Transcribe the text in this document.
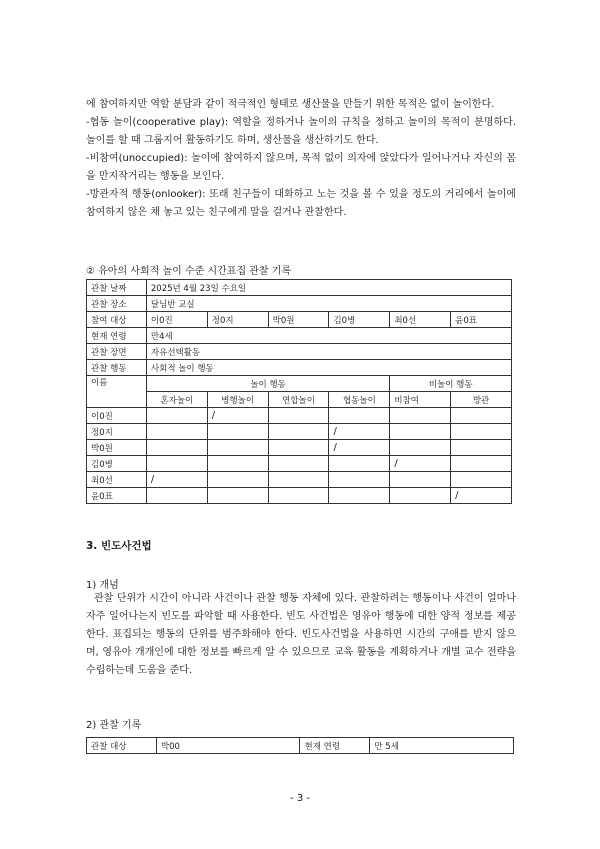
에 참여하지만 역할 분담과 같이 적극적인 형태로 생산물을 만들기 위한 목적은 없이 놀이한다.

-협동 놀이(cooperative play): 역할을 정하거나 놀이의 규칙을 정하고 놀이의 목적이 분명하다. 놀이를 할 때 그룹지어 활동하기도 하며, 생산물을 생산하기도 한다.

-비참여(unoccupied): 놀이에 참여하지 않으며, 목적 없이 의자에 앉았다가 일어나거나 자신의 몸을 만지작거리는 행동을 보인다.

-방관자적 행동(onlooker): 또래 친구들이 대화하고 노는 것을 볼 수 있을 정도의 거리에서 놀이에 참여하지 않은 채 놓고 있는 친구에게 말을 걸거나 관찰한다.

② 유아의 사회적 놀이 수준 시간표집 관찰 기록

관찰 날짜	2025년 4월 23일 수요일					
관찰 장소	달님반 교실					
참여 대상	이0진	정0지	박0원	김0병	최0선	윤0표
현재 연령	만4세					
관찰 장면	자유선택활동					
관찰 행동	사회적 놀이 행동					
이름	놀이 행동				비놀이 행동	
	혼자놀이	병행놀이	연합놀이	협동놀이	비참여	방관
이0진		/				
정0지				/		
박0원				/		
김0병					/	
최0선	/					
윤0표						/

3. 빈도사건법

1) 개념

관찰 단위가 시간이 아니라 사건이나 관찰 행동 자체에 있다. 관찰하려는 행동이나 사건이 얼마나 자주 일어나는지 빈도를 파악할 때 사용한다. 빈도 사건법은 영유아 행동에 대한 양적 정보를 제공한다. 표집되는 행동의 단위를 범주화해야 한다. 빈도사건법을 사용하면 시간의 구애를 받지 않으며, 영유아 개개인에 대한 정보를 빠르게 알 수 있으므로 교육 활동을 계획하거나 개별 교수 전략을 수립하는데 도움을 준다.

2) 관찰 기록

관찰 대상	박00	현재 연령	만 5세
- 3 -
